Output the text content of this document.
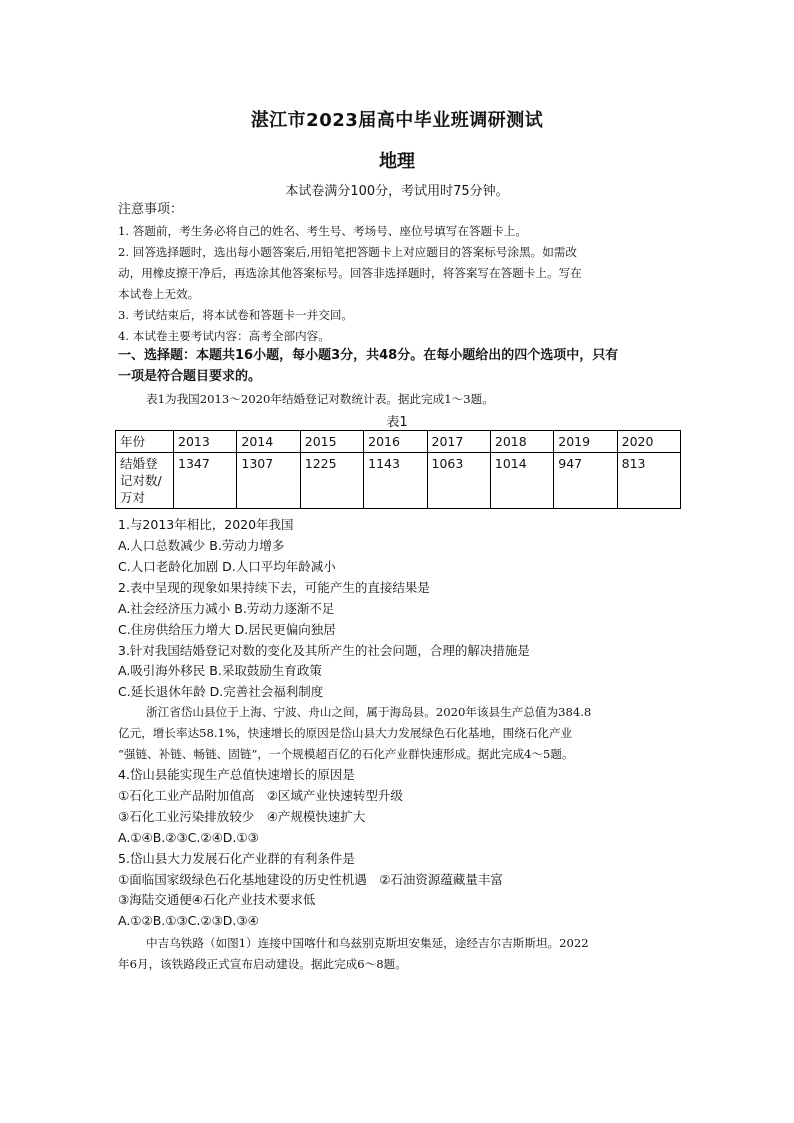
湛江市2023届高中毕业班调研测试
地理
本试卷满分100分，考试用时75分钟。
注意事项：
1. 答题前，考生务必将自己的姓名、考生号、考场号、座位号填写在答题卡上。
2. 回答选择题时，选出每小题答案后,用铅笔把答题卡上对应题目的答案标号涂黑。如需改
动，用橡皮擦干净后，再选涂其他答案标号。回答非选择题时，将答案写在答题卡上。写在
本试卷上无效。
3. 考试结束后，将本试卷和答题卡一并交回。
4. 本试卷主要考试内容：高考全部内容。
一、选择题：本题共16小题，每小题3分，共48分。在每小题给出的四个选项中，只有
一项是符合题目要求的。
表1为我国2013～2020年结婚登记对数统计表。据此完成1～3题。
表1
年份	2013	2014	2015	2016	2017	2018	2019	2020

结婚登
记对数/
万对	1347	1307	1225	1143	1063	1014	947	813
1.与2013年相比，2020年我国
A.人口总数减少 B.劳动力增多
C.人口老龄化加剧 D.人口平均年龄减小
2.表中呈现的现象如果持续下去，可能产生的直接结果是
A.社会经济压力减小 B.劳动力逐渐不足
C.住房供给压力增大 D.居民更偏向独居
3.针对我国结婚登记对数的变化及其所产生的社会问题，合理的解决措施是
A.吸引海外移民 B.采取鼓励生育政策
C.延长退休年龄 D.完善社会福利制度
浙江省岱山县位于上海、宁波、舟山之间，属于海岛县。2020年该县生产总值为384.8
亿元，增长率达58.1%，快速增长的原因是岱山县大力发展绿色石化基地，围绕石化产业
“强链、补链、畅链、固链”，一个规模超百亿的石化产业群快速形成。据此完成4～5题。
4.岱山县能实现生产总值快速增长的原因是
①石化工业产品附加值高　②区域产业快速转型升级
③石化工业污染排放较少　④产规模快速扩大
A.①④B.②③C.②④D.①③
5.岱山县大力发展石化产业群的有利条件是
①面临国家级绿色石化基地建设的历史性机遇　②石油资源蕴藏量丰富
③海陆交通便④石化产业技术要求低
A.①②B.①③C.②③D.③④
中吉乌铁路（如图1）连接中国喀什和乌兹别克斯坦安集延，途经吉尔吉斯斯坦。2022
年6月，该铁路段正式宣布启动建设。据此完成6～8题。
